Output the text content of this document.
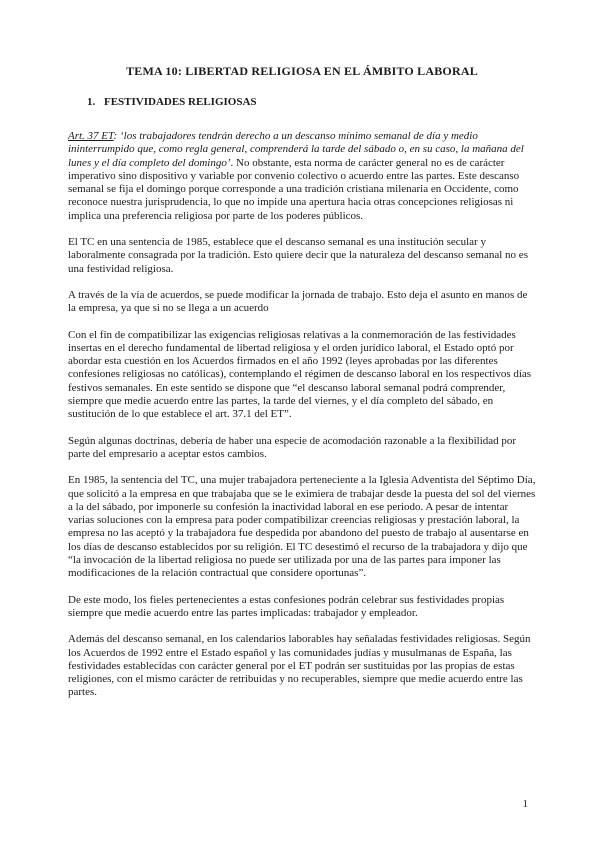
TEMA 10: LIBERTAD RELIGIOSA EN EL ÁMBITO LABORAL
1. FESTIVIDADES RELIGIOSAS

Art. 37 ET: ‘los trabajadores tendrán derecho a un descanso mínimo semanal de día y medio ininterrumpido que, como regla general, comprenderá la tarde del sábado o, en su caso, la mañana del lunes y el día completo del domingo’. No obstante, esta norma de carácter general no es de carácter imperativo sino dispositivo y variable por convenio colectivo o acuerdo entre las partes. Este descanso semanal se fija el domingo porque corresponde a una tradición cristiana milenaria en Occidente, como reconoce nuestra jurisprudencia, lo que no impide una apertura hacia otras concepciones religiosas ni implica una preferencia religiosa por parte de los poderes públicos.

El TC en una sentencia de 1985, establece que el descanso semanal es una institución secular y laboralmente consagrada por la tradición. Esto quiere decir que la naturaleza del descanso semanal no es una festividad religiosa.

A través de la vía de acuerdos, se puede modificar la jornada de trabajo. Esto deja el asunto en manos de la empresa, ya que si no se llega a un acuerdo

Con el fin de compatibilizar las exigencias religiosas relativas a la conmemoración de las festividades insertas en el derecho fundamental de libertad religiosa y el orden jurídico laboral, el Estado optó por abordar esta cuestión en los Acuerdos firmados en el año 1992 (leyes aprobadas por las diferentes confesiones religiosas no católicas), contemplando el régimen de descanso laboral en los respectivos días festivos semanales. En este sentido se dispone que “el descanso laboral semanal podrá comprender, siempre que medie acuerdo entre las partes, la tarde del viernes, y el día completo del sábado, en sustitución de lo que establece el art. 37.1 del ET”.

Según algunas doctrinas, debería de haber una especie de acomodación razonable a la flexibilidad por parte del empresario a aceptar estos cambios.

En 1985, la sentencia del TC, una mujer trabajadora perteneciente a la Iglesia Adventista del Séptimo Día, que solicitó a la empresa en que trabajaba que se le eximiera de trabajar desde la puesta del sol del viernes a la del sábado, por imponerle su confesión la inactividad laboral en ese periodo. A pesar de intentar varias soluciones con la empresa para poder compatibilizar creencias religiosas y prestación laboral, la empresa no las aceptó y la trabajadora fue despedida por abandono del puesto de trabajo al ausentarse en los días de descanso establecidos por su religión. El TC desestimó el recurso de la trabajadora y dijo que “la invocación de la libertad religiosa no puede ser utilizada por una de las partes para imponer las modificaciones de la relación contractual que considere oportunas”.

De este modo, los fieles pertenecientes a estas confesiones podrán celebrar sus festividades propias siempre que medie acuerdo entre las partes implicadas: trabajador y empleador.

Además del descanso semanal, en los calendarios laborables hay señaladas festividades religiosas. Según los Acuerdos de 1992 entre el Estado español y las comunidades judías y musulmanas de España, las festividades establecidas con carácter general por el ET podrán ser sustituidas por las propias de estas religiones, con el mismo carácter de retribuidas y no recuperables, siempre que medie acuerdo entre las partes.

1
